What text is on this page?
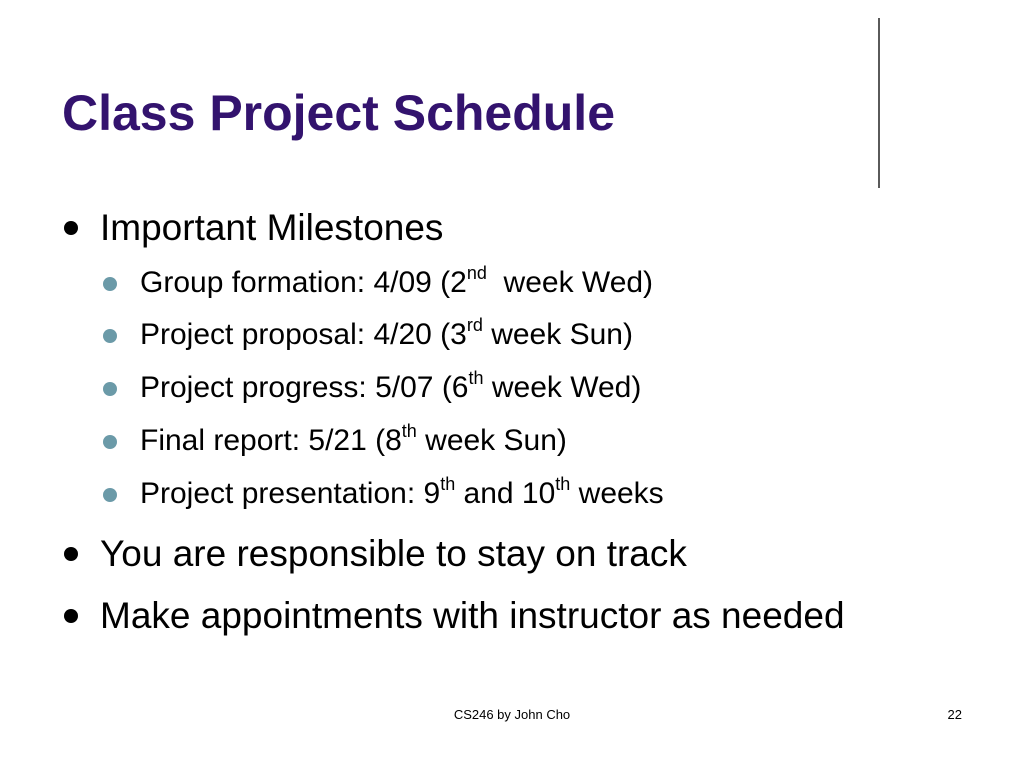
Class Project Schedule
Important Milestones
Group formation: 4/09 (2nd  week Wed)
Project proposal: 4/20 (3rd week Sun)
Project progress: 5/07 (6th week Wed)
Final report: 5/21 (8th week Sun)
Project presentation: 9th and 10th weeks
You are responsible to stay on track
Make appointments with instructor as needed
CS246 by John Cho	22
